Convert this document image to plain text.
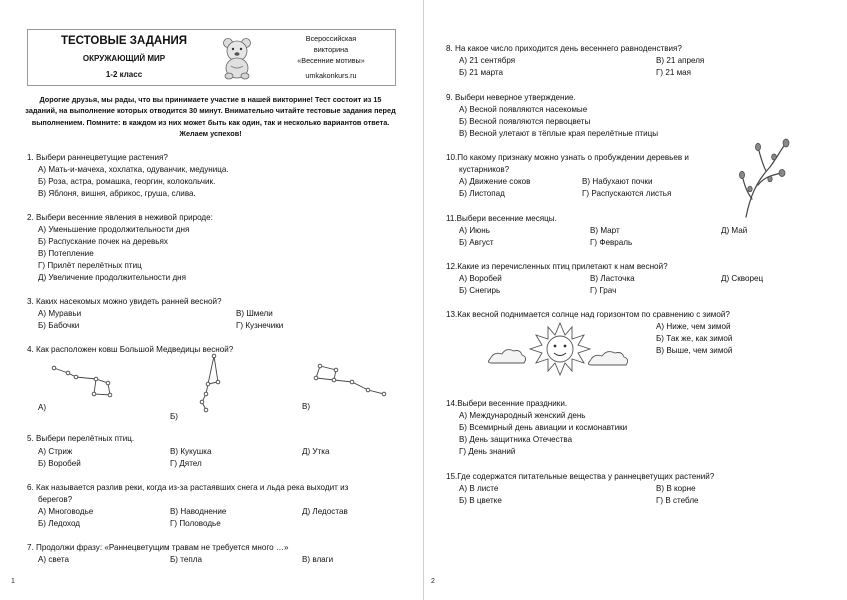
ТЕСТОВЫЕ ЗАДАНИЯ
ОКРУЖАЮЩИЙ МИР
1-2 класс
Всероссийская
викторина
«Весенние мотивы»
umkakonkurs.ru
Дорогие друзья, мы рады, что вы принимаете участие в нашей викторине! Тест состоит из 15 заданий, на выполнение которых отводится 30 минут. Внимательно читайте тестовые задания перед выполнением. Помните: в каждом из них может быть как один, так и несколько вариантов ответа. Желаем успехов!
1. Выбери раннецветущие растения?
А) Мать-и-мачеха, хохлатка, одуванчик, медуница.
Б) Роза, астра, ромашка, георгин, колокольчик.
В) Яблоня, вишня, абрикос, груша, слива.
2. Выбери весенние явления в неживой природе:
А) Уменьшение продолжительности дня
Б) Распускание почек на деревьях
В) Потепление
Г) Прилёт перелётных птиц
Д) Увеличение продолжительности дня
3. Каких насекомых можно увидеть ранней весной?
А) Муравьи
Б) Бабочки
В) Шмели
Г) Кузнечики
4. Как расположен ковш Большой Медведицы весной?
А)
Б)
В)
5. Выбери перелётных птиц.
А) Стриж
Б) Воробей
В) Кукушка
Г) Дятел
Д) Утка
6. Как называется разлив реки, когда из-за растаявших снега и льда река выходит из
берегов?
А) Многоводье
Б) Ледоход
В) Наводнение
Г) Половодье
Д) Ледостав
7. Продолжи фразу: «Раннецветущим травам не требуется много …»
А) света	Б) тепла	В) влаги
1
8. На какое число приходится день весеннего равноденствия?
А) 21 сентября
Б) 21 марта
В) 21 апреля
Г) 21 мая
9. Выбери неверное утверждение.
А) Весной появляются насекомые
Б) Весной появляются первоцветы
В) Весной улетают в тёплые края перелётные птицы
10.По какому признаку можно узнать о пробуждении деревьев и
кустарников?
А) Движение соков
Б) Листопад
В) Набухают почки
Г) Распускаются листья
11.Выбери весенние месяцы.
А) Июнь
Б) Август
В) Март
Г) Февраль
Д) Май
12.Какие из перечисленных птиц прилетают к нам весной?
А) Воробей
Б) Снегирь
В) Ласточка
Г) Грач
Д) Скворец
13.Как весной поднимается солнце над горизонтом по сравнению с зимой?
А) Ниже, чем зимой
Б) Так же, как зимой
В) Выше, чем зимой
14.Выбери весенние праздники.
А) Международный женский день
Б) Всемирный день авиации и космонавтики
В) День защитника Отечества
Г) День знаний
15.Где содержатся питательные вещества у раннецветущих растений?
А) В листе
Б) В цветке
В) В корне
Г) В стебле
2
